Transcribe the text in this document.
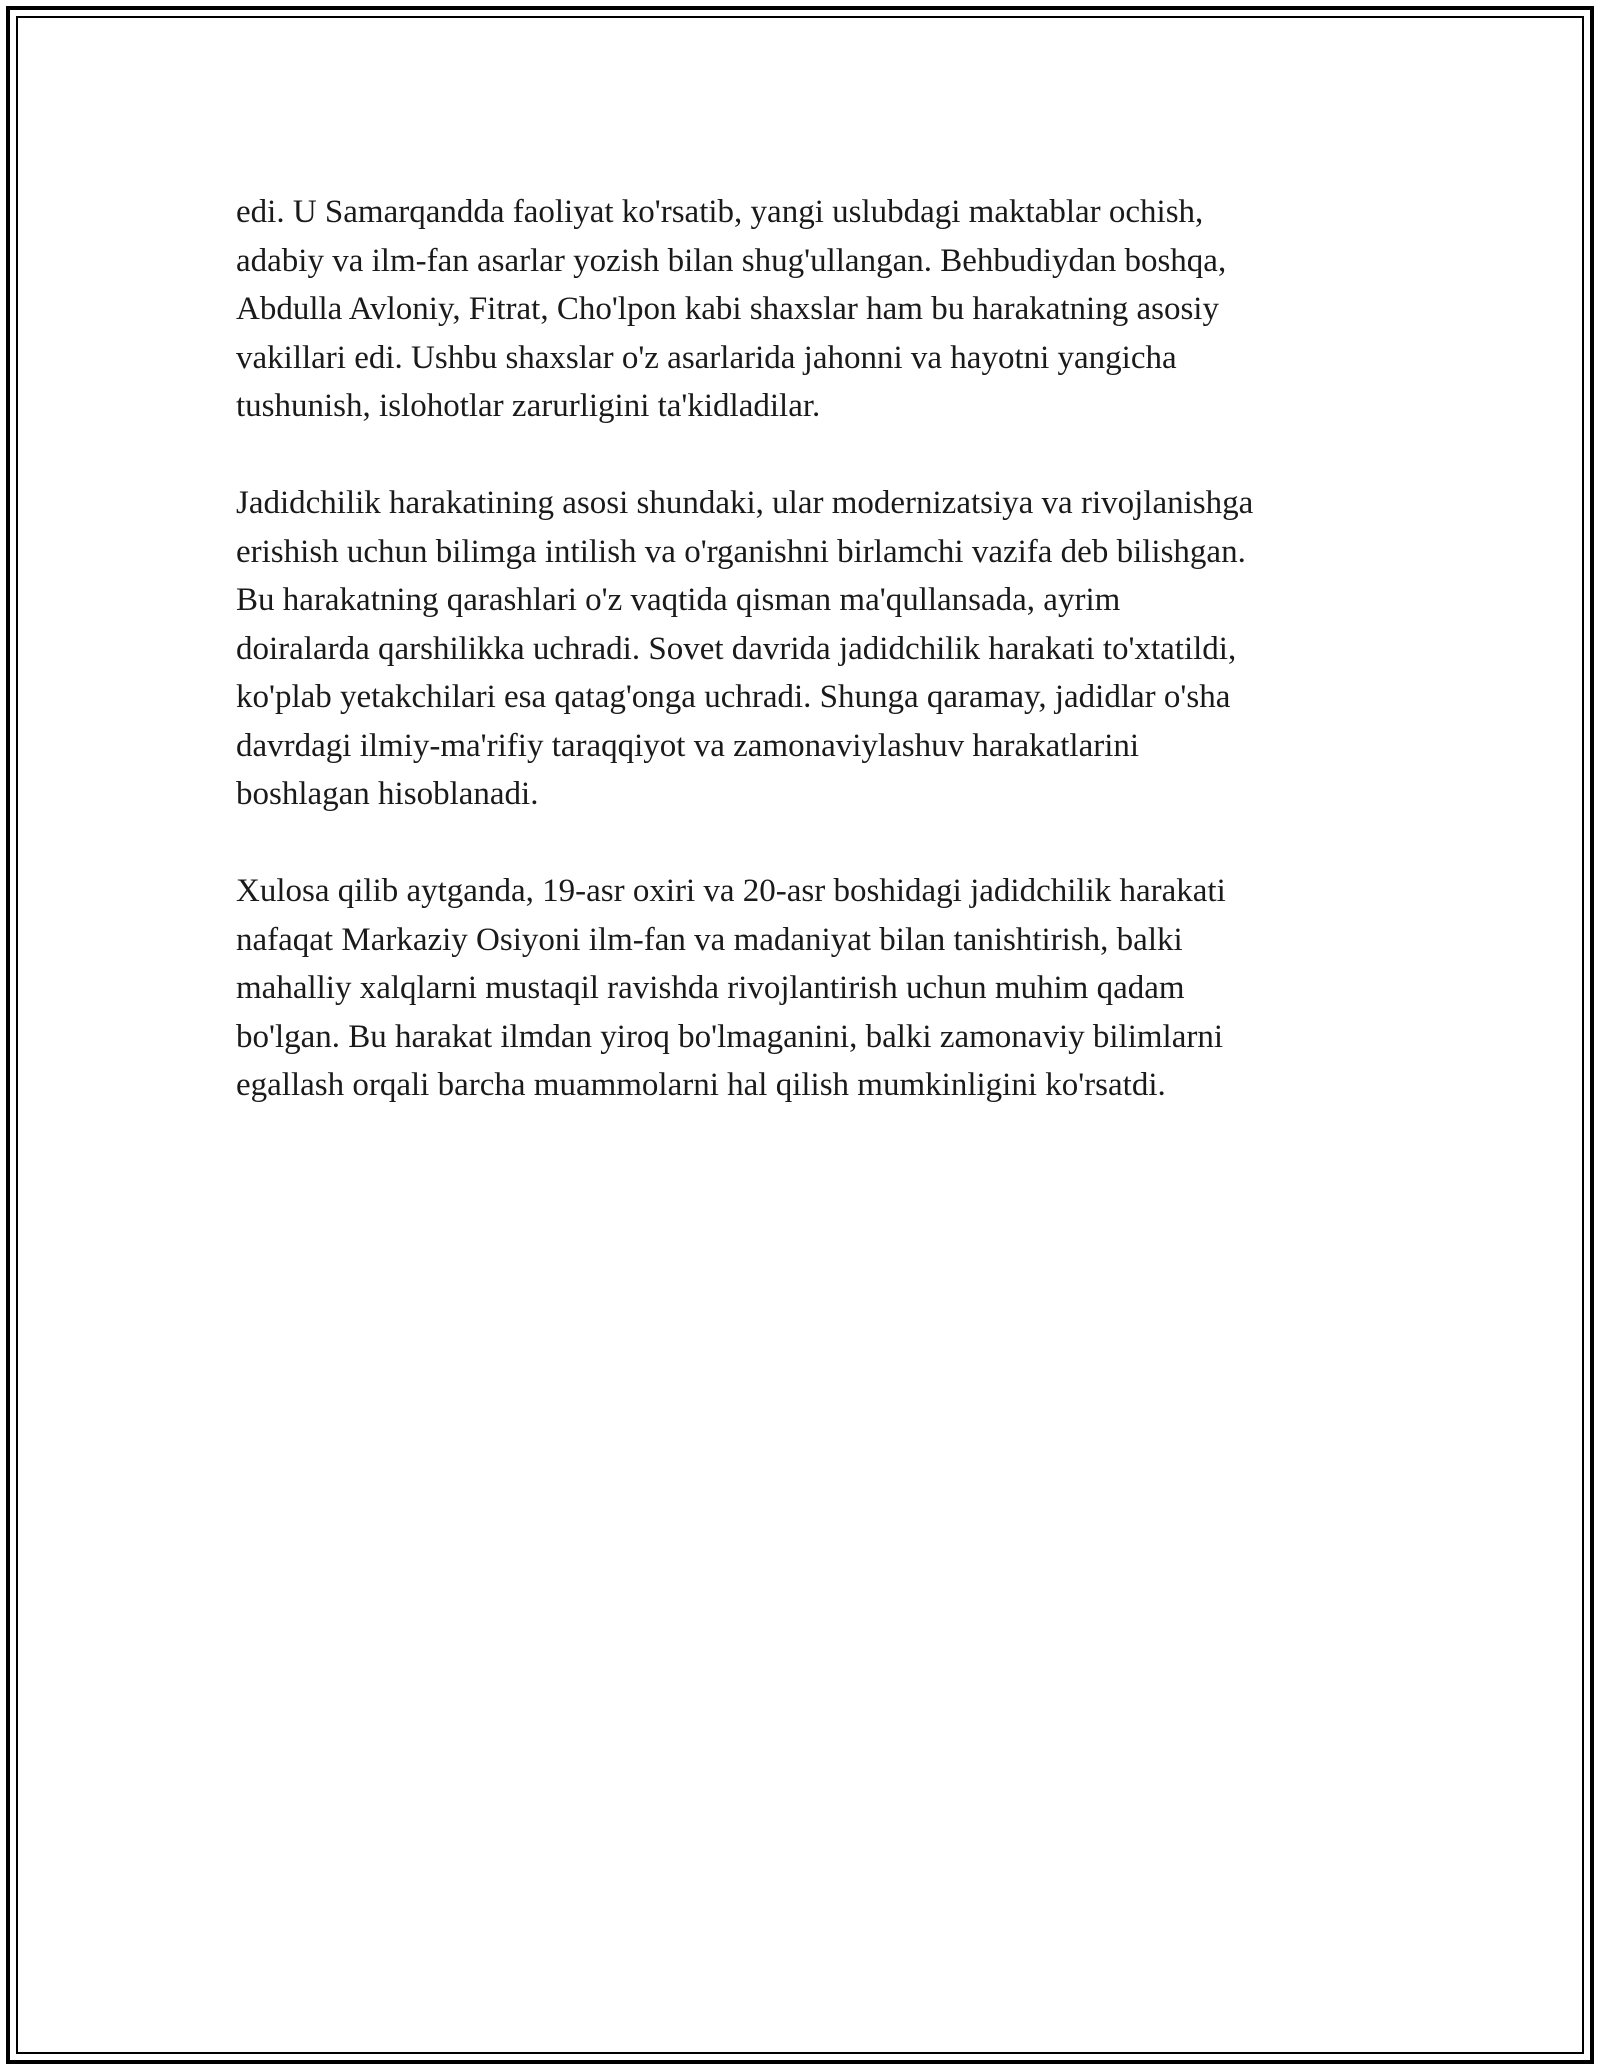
edi. U Samarqandda faoliyat ko'rsatib, yangi uslubdagi maktablar ochish,
adabiy va ilm-fan asarlar yozish bilan shug'ullangan. Behbudiydan boshqa,
Abdulla Avloniy, Fitrat, Cho'lpon kabi shaxslar ham bu harakatning asosiy
vakillari edi. Ushbu shaxslar o'z asarlarida jahonni va hayotni yangicha
tushunish, islohotlar zarurligini ta'kidladilar.

Jadidchilik harakatining asosi shundaki, ular modernizatsiya va rivojlanishga
erishish uchun bilimga intilish va o'rganishni birlamchi vazifa deb bilishgan.
Bu harakatning qarashlari o'z vaqtida qisman ma'qullansada, ayrim
doiralarda qarshilikka uchradi. Sovet davrida jadidchilik harakati to'xtatildi,
ko'plab yetakchilari esa qatag'onga uchradi. Shunga qaramay, jadidlar o'sha
davrdagi ilmiy-ma'rifiy taraqqiyot va zamonaviylashuv harakatlarini
boshlagan hisoblanadi.

Xulosa qilib aytganda, 19-asr oxiri va 20-asr boshidagi jadidchilik harakati
nafaqat Markaziy Osiyoni ilm-fan va madaniyat bilan tanishtirish, balki
mahalliy xalqlarni mustaqil ravishda rivojlantirish uchun muhim qadam
bo'lgan. Bu harakat ilmdan yiroq bo'lmaganini, balki zamonaviy bilimlarni
egallash orqali barcha muammolarni hal qilish mumkinligini ko'rsatdi.
